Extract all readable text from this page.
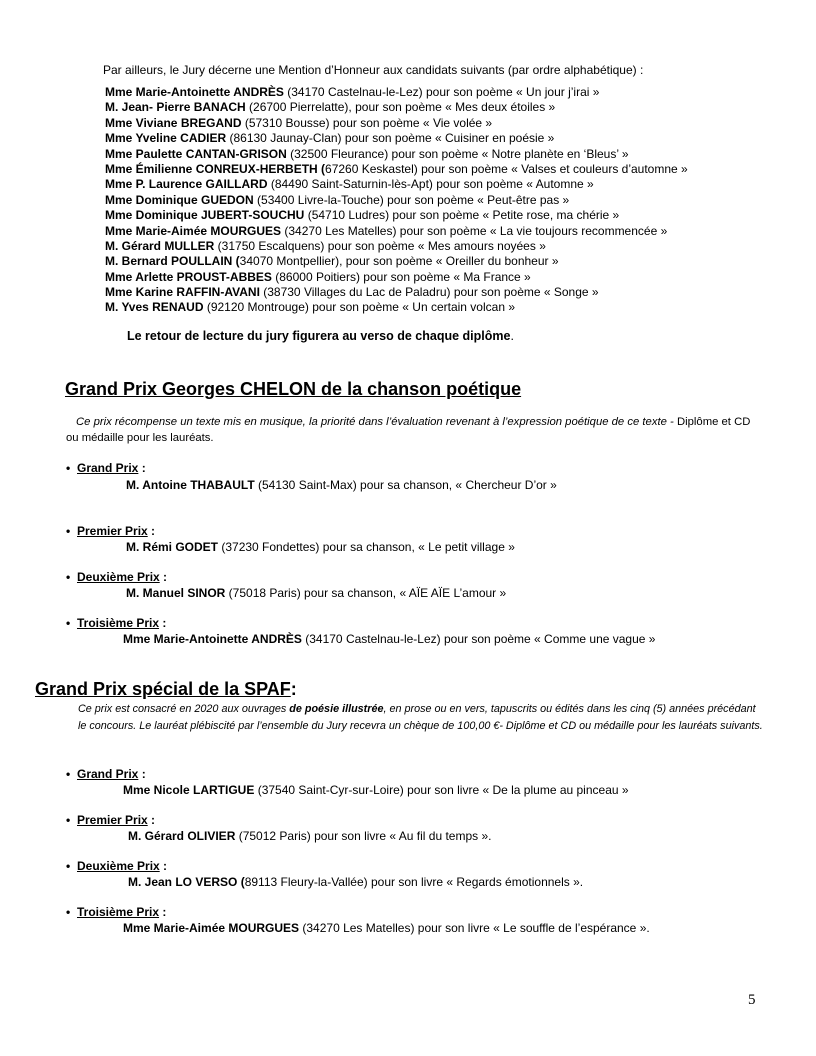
Par ailleurs, le Jury décerne une Mention d’Honneur aux candidats suivants (par ordre alphabétique) :
Mme Marie-Antoinette ANDRÈS (34170 Castelnau-le-Lez) pour son poème « Un jour j’irai »
M. Jean- Pierre BANACH (26700 Pierrelatte), pour son poème « Mes deux étoiles »
Mme Viviane BREGAND (57310 Bousse) pour son poème « Vie volée »
Mme Yveline CADIER (86130 Jaunay-Clan) pour son poème « Cuisiner en poésie »
Mme Paulette CANTAN-GRISON (32500 Fleurance) pour son poème « Notre planète en ‘Bleus’ »
Mme Émilienne CONREUX-HERBETH (67260 Keskastel) pour son poème « Valses et couleurs d’automne »
Mme P. Laurence GAILLARD (84490 Saint-Saturnin-lès-Apt) pour son poème « Automne »
Mme Dominique GUEDON (53400 Livre-la-Touche) pour son poème « Peut-être pas »
Mme Dominique JUBERT-SOUCHU (54710 Ludres) pour son poème « Petite rose, ma chérie »
Mme Marie-Aimée MOURGUES (34270 Les Matelles) pour son poème « La vie toujours recommencée »
M. Gérard MULLER (31750 Escalquens) pour son poème « Mes amours noyées »
M. Bernard POULLAIN (34070 Montpellier), pour son poème « Oreiller du bonheur »
Mme Arlette PROUST-ABBES (86000 Poitiers) pour son poème « Ma France »
Mme Karine RAFFIN-AVANI (38730 Villages du Lac de Paladru) pour son poème « Songe »
M. Yves RENAUD (92120 Montrouge) pour son poème « Un certain volcan »
Le retour de lecture du jury figurera au verso de chaque diplôme.
Grand Prix Georges CHELON de la chanson poétique
Ce prix récompense un texte mis en musique, la priorité dans l’évaluation revenant à l’expression poétique de ce texte - Diplôme et CD ou médaille pour les lauréats.
• Grand Prix :
M. Antoine THABAULT (54130 Saint-Max) pour sa chanson, « Chercheur D’or »
• Premier Prix :
M. Rémi GODET (37230 Fondettes) pour sa chanson, « Le petit village »
• Deuxième Prix :
M. Manuel SINOR (75018 Paris) pour sa chanson, « AÏE AÏE L’amour »
• Troisième Prix :
Mme Marie-Antoinette ANDRÈS (34170 Castelnau-le-Lez) pour son poème « Comme une vague »
Grand Prix spécial de la SPAF:
Ce prix est consacré en 2020 aux ouvrages de poésie illustrée, en prose ou en vers, tapuscrits ou édités dans les cinq (5) années précédant le concours. Le lauréat plébiscité par l’ensemble du Jury recevra un chèque de 100,00 €- Diplôme et CD ou médaille pour les lauréats suivants.
• Grand Prix :
Mme Nicole LARTIGUE (37540 Saint-Cyr-sur-Loire) pour son livre « De la plume au pinceau »
• Premier Prix :
M. Gérard OLIVIER (75012 Paris) pour son livre « Au fil du temps ».
• Deuxième Prix :
M. Jean LO VERSO (89113 Fleury-la-Vallée) pour son livre « Regards émotionnels ».
• Troisième Prix :
Mme Marie-Aimée MOURGUES (34270 Les Matelles) pour son livre « Le souffle de l’espérance ».
5
